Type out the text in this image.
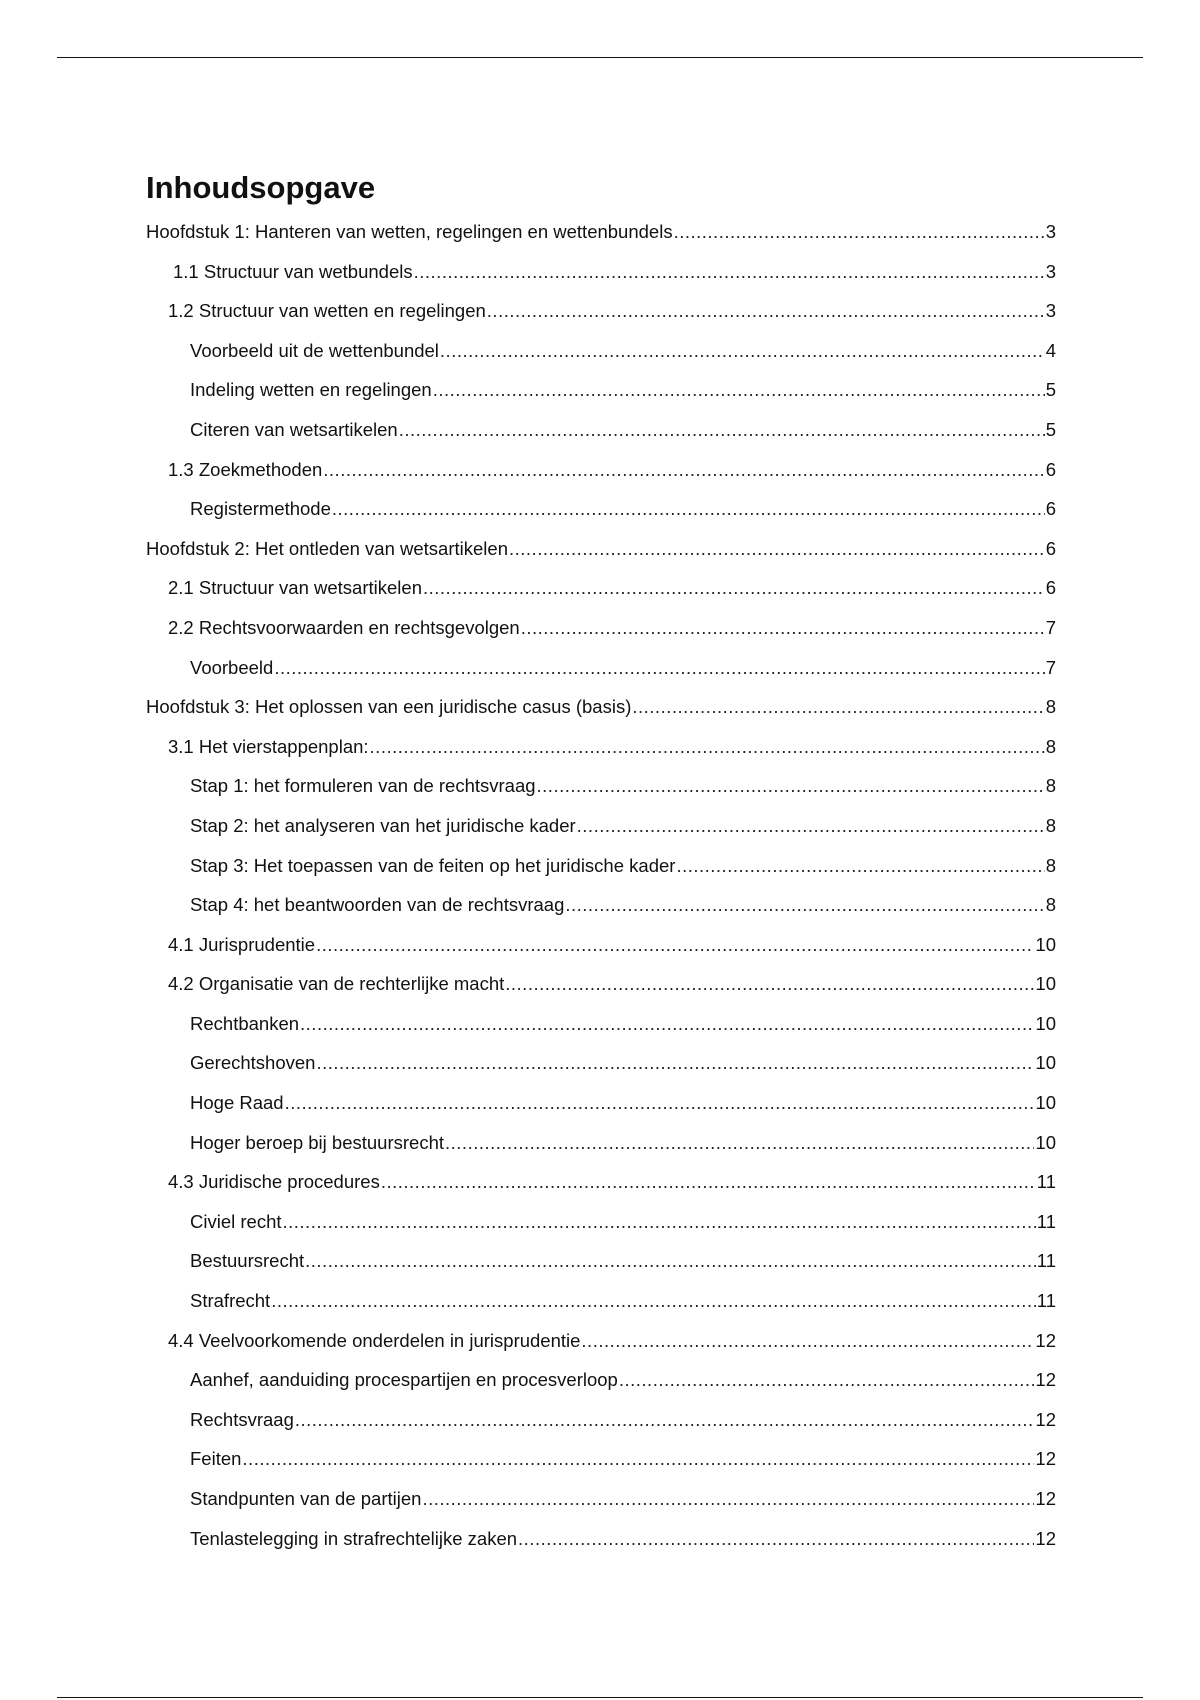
Inhoudsopgave
Hoofdstuk 1: Hanteren van wetten, regelingen en wettenbundels .....	3
1.1 Structuur van wetbundels .....	3
1.2 Structuur van wetten en regelingen .....	3
Voorbeeld uit de wettenbundel .....	4
Indeling wetten en regelingen .....	5
Citeren van wetsartikelen .....	5
1.3 Zoekmethoden .....	6
Registermethode .....	6
Hoofdstuk 2: Het ontleden van wetsartikelen .....	6
2.1 Structuur van wetsartikelen .....	6
2.2 Rechtsvoorwaarden en rechtsgevolgen .....	7
Voorbeeld .....	7
Hoofdstuk 3: Het oplossen van een juridische casus (basis) .....	8
3.1 Het vierstappenplan: .....	8
Stap 1: het formuleren van de rechtsvraag .....	8
Stap 2: het analyseren van het juridische kader .....	8
Stap 3: Het toepassen van de feiten op het juridische kader .....	8
Stap 4: het beantwoorden van de rechtsvraag .....	8
4.1 Jurisprudentie .....	10
4.2 Organisatie van de rechterlijke macht .....	10
Rechtbanken .....	10
Gerechtshoven .....	10
Hoge Raad .....	10
Hoger beroep bij bestuursrecht .....	10
4.3 Juridische procedures .....	11
Civiel recht .....	11
Bestuursrecht .....	11
Strafrecht .....	11
4.4 Veelvoorkomende onderdelen in jurisprudentie .....	12
Aanhef, aanduiding procespartijen en procesverloop .....	12
Rechtsvraag .....	12
Feiten .....	12
Standpunten van de partijen .....	12
Tenlastelegging in strafrechtelijke zaken .....	12
